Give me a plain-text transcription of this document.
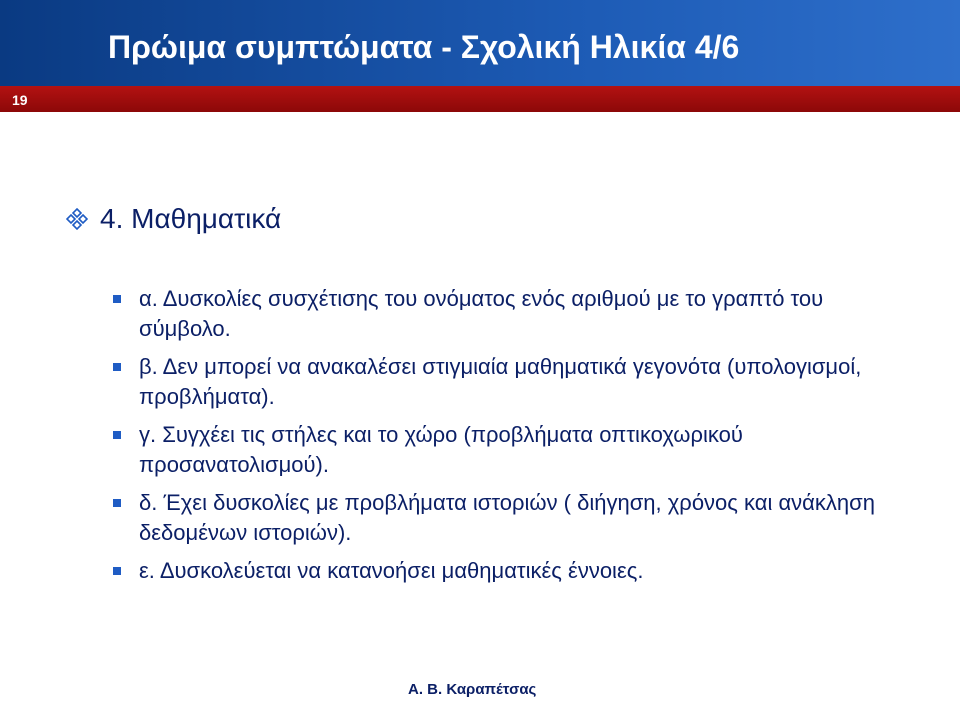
Πρώιμα συμπτώματα - Σχολική Ηλικία 4/6
19
4. Μαθηματικά
α. Δυσκολίες συσχέτισης του ονόματος ενός αριθμού με το γραπτό του σύμβολο.
β. Δεν μπορεί να ανακαλέσει στιγμιαία μαθηματικά γεγονότα (υπολογισμοί, προβλήματα).
γ. Συγχέει τις στήλες και το χώρο (προβλήματα οπτικοχωρικού προσανατολισμού).
δ. Έχει δυσκολίες με προβλήματα ιστοριών ( διήγηση, χρόνος και ανάκληση δεδομένων ιστοριών).
ε. Δυσκολεύεται να κατανοήσει μαθηματικές έννοιες.
Α. Β. Καραπέτσας
